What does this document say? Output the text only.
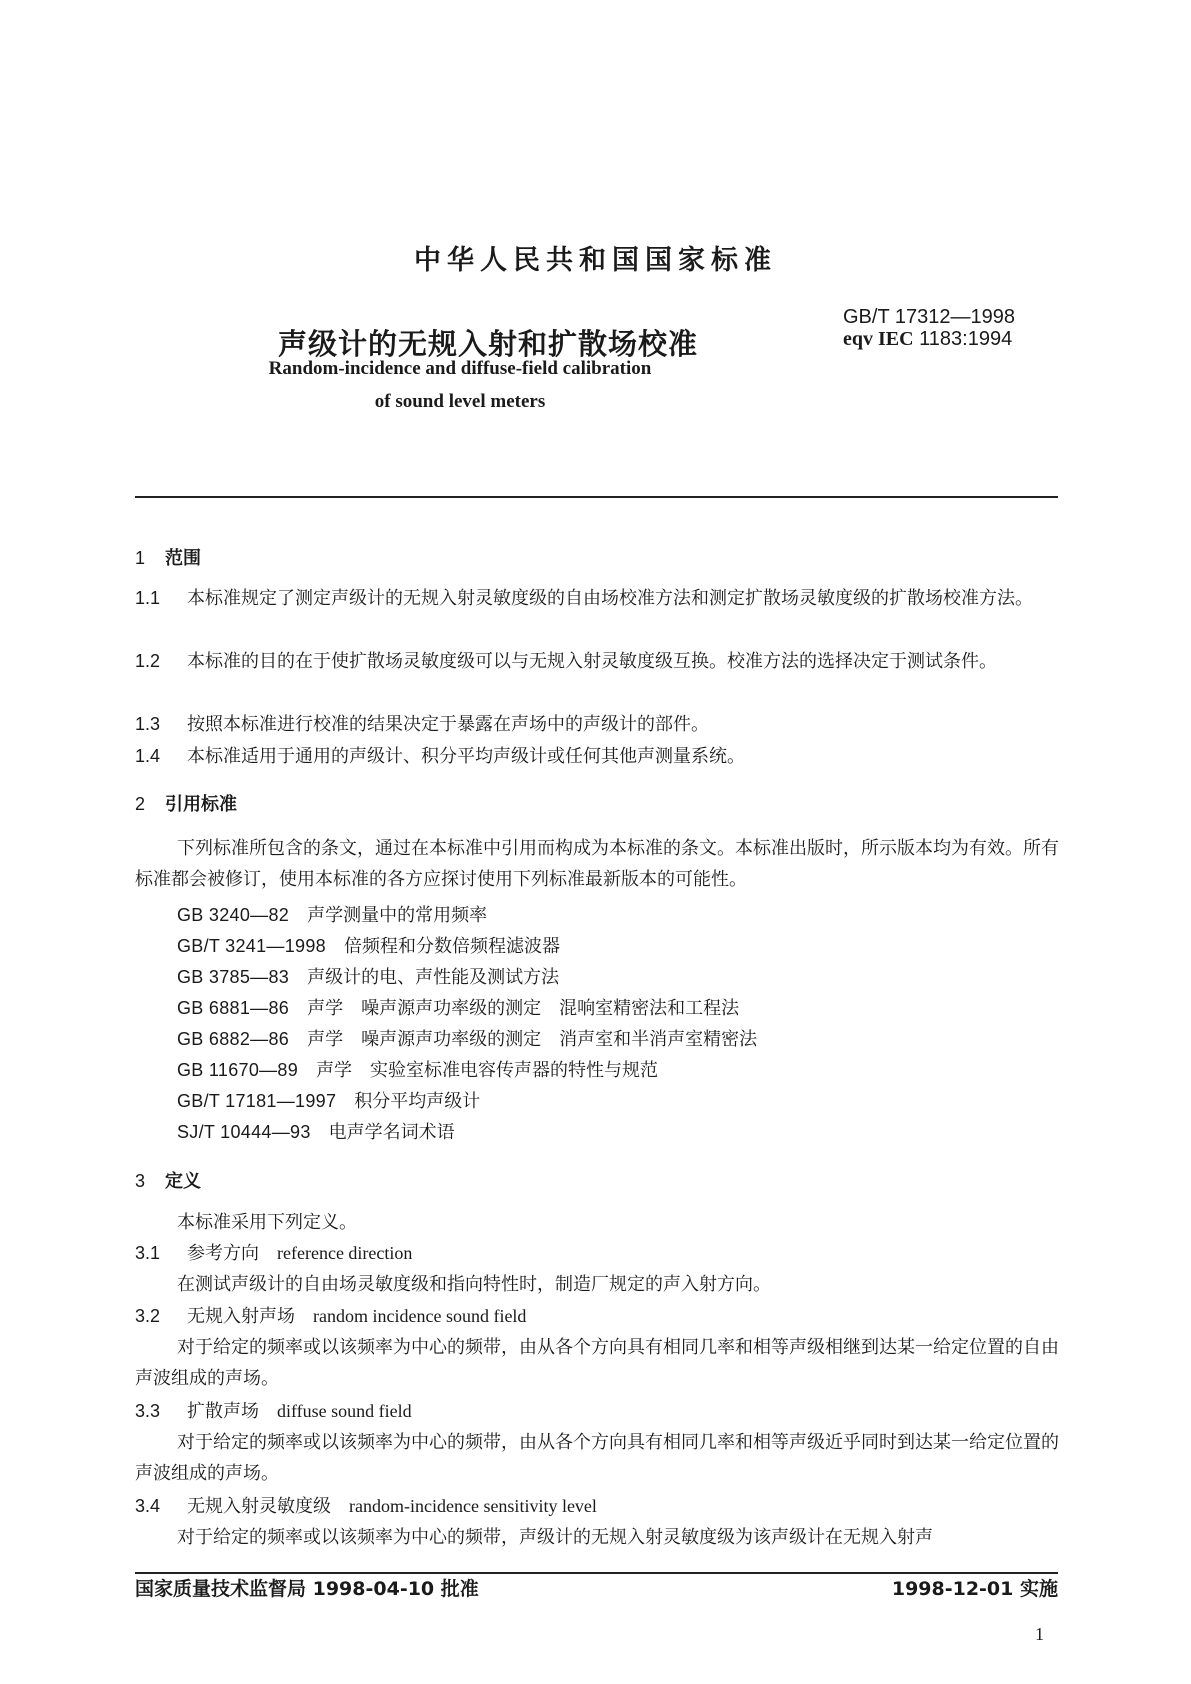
中华人民共和国国家标准
声级计的无规入射和扩散场校准
GB/T 17312—1998
eqv IEC 1183:1994
Random-incidence and diffuse-field calibration
of sound level meters
1 范围
1.1 本标准规定了测定声级计的无规入射灵敏度级的自由场校准方法和测定扩散场灵敏度级的扩散场校准方法。
1.2 本标准的目的在于使扩散场灵敏度级可以与无规入射灵敏度级互换。校准方法的选择决定于测试条件。
1.3 按照本标准进行校准的结果决定于暴露在声场中的声级计的部件。
1.4 本标准适用于通用的声级计、积分平均声级计或任何其他声测量系统。
2 引用标准
下列标准所包含的条文，通过在本标准中引用而构成为本标准的条文。本标准出版时，所示版本均为有效。所有标准都会被修订，使用本标准的各方应探讨使用下列标准最新版本的可能性。
GB 3240—82　 声学测量中的常用频率
GB/T 3241—1998　 倍频程和分数倍频程滤波器
GB 3785—83　 声级计的电、声性能及测试方法
GB 6881—86　 声学　噪声源声功率级的测定　混响室精密法和工程法
GB 6882—86　 声学　噪声源声功率级的测定　消声室和半消声室精密法
GB 11670—89　 声学　实验室标准电容传声器的特性与规范
GB/T 17181—1997　 积分平均声级计
SJ/T 10444—93　 电声学名词术语
3 定义
本标准采用下列定义。
3.1 参考方向　 reference direction
在测试声级计的自由场灵敏度级和指向特性时，制造厂规定的声入射方向。
3.2 无规入射声场　 random incidence sound field
对于给定的频率或以该频率为中心的频带，由从各个方向具有相同几率和相等声级相继到达某一给定位置的自由声波组成的声场。
3.3 扩散声场　 diffuse sound field
对于给定的频率或以该频率为中心的频带，由从各个方向具有相同几率和相等声级近乎同时到达某一给定位置的声波组成的声场。
3.4 无规入射灵敏度级　 random-incidence sensitivity level
对于给定的频率或以该频率为中心的频带，声级计的无规入射灵敏度级为该声级计在无规入射声
国家质量技术监督局 1998-04-10 批准	1998-12-01 实施
1
